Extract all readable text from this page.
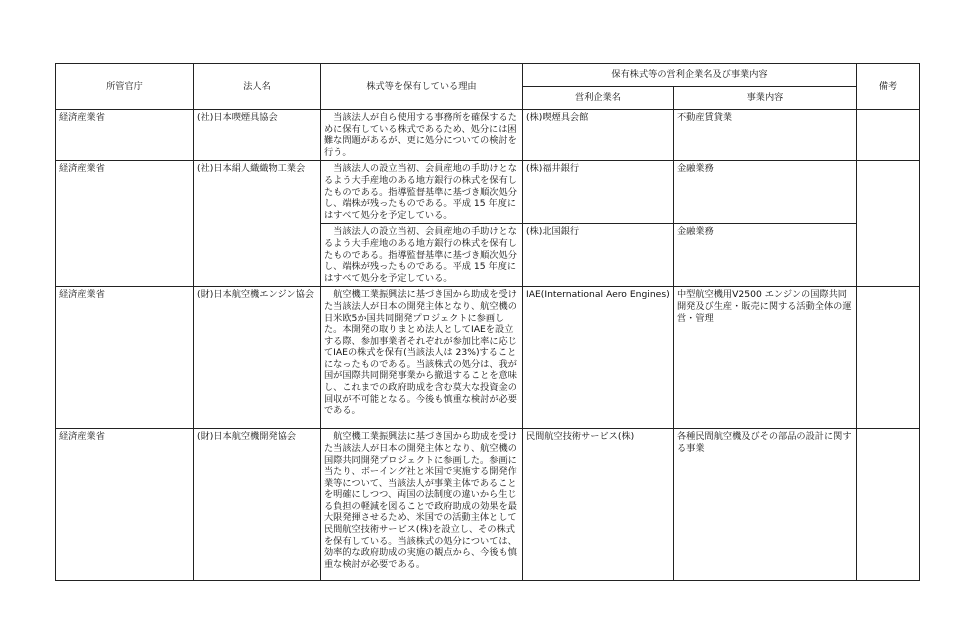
所管官庁	法人名	株式等を保有している理由	保有株式等の営利企業名及び事業内容		備考
			営利企業名	事業内容	
経済産業省	(社)日本喫煙具協会	当該法人が自ら使用する事務所を確保するために保有している株式であるため、処分には困難な問題があるが、更に処分についての検討を行う。	(株)喫煙具会館	不動産賃貸業	
経済産業省	(社)日本絹人織織物工業会	当該法人の設立当初、会員産地の手助けとなるよう大手産地のある地方銀行の株式を保有したものである。指導監督基準に基づき順次処分し、端株が残ったものである。平成 15 年度にはすべて処分を予定している。	(株)福井銀行	金融業務	
		当該法人の設立当初、会員産地の手助けとなるよう大手産地のある地方銀行の株式を保有したものである。指導監督基準に基づき順次処分し、端株が残ったものである。平成 15 年度にはすべて処分を予定している。	(株)北国銀行	金融業務	
経済産業省	(財)日本航空機エンジン協会	航空機工業振興法に基づき国から助成を受けた当該法人が日本の開発主体となり、航空機の日米欧5か国共同開発プロジェクトに参画した。本開発の取りまとめ法人としてIAEを設立する際、参加事業者それぞれが参加比率に応じてIAEの株式を保有(当該法人は 23%)することになったものである。当該株式の処分は、我が国が国際共同開発事業から撤退することを意味し、これまでの政府助成を含む莫大な投資金の回収が不可能となる。今後も慎重な検討が必要である。	IAE(International Aero Engines)	中型航空機用V2500 エンジンの国際共同開発及び生産・販売に関する活動全体の運営・管理	
経済産業省	(財)日本航空機開発協会	航空機工業振興法に基づき国から助成を受けた当該法人が日本の開発主体となり、航空機の国際共同開発プロジェクトに参画した。参画に当たり、ボーイング社と米国で実施する開発作業等について、当該法人が事業主体であることを明確にしつつ、両国の法制度の違いから生じる負担の軽減を図ることで政府助成の効果を最大限発揮させるため、米国での活動主体として民間航空技術サービス(株)を設立し、その株式を保有している。当該株式の処分については、効率的な政府助成の実施の観点から、今後も慎重な検討が必要である。	民間航空技術サービス(株)	各種民間航空機及びその部品の設計に関する事業	
